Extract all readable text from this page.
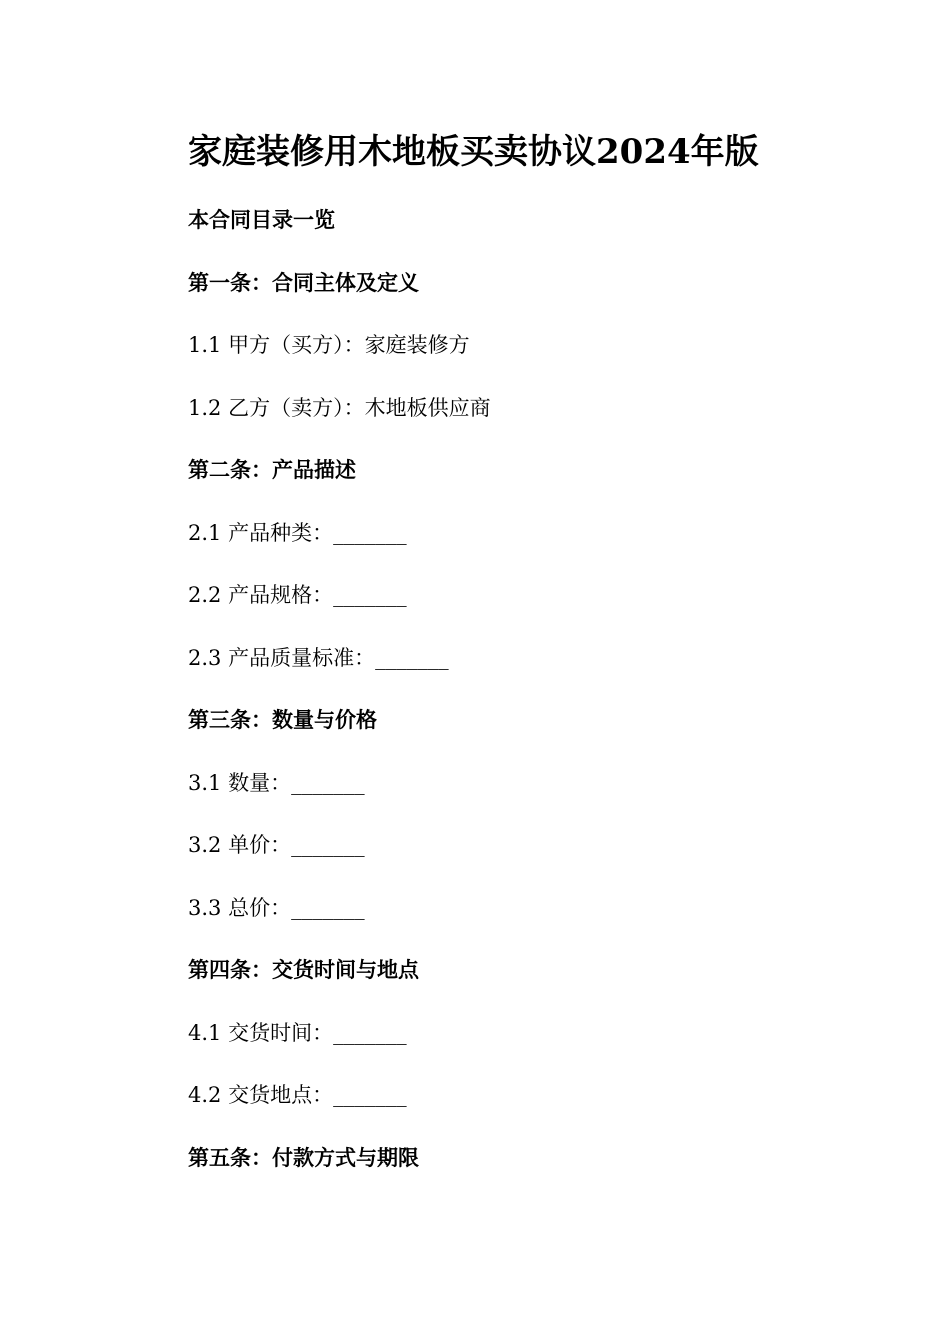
家庭装修用木地板买卖协议2024年版
本合同目录一览
第一条：合同主体及定义
1.1 甲方（买方）：家庭装修方
1.2 乙方（卖方）：木地板供应商
第二条：产品描述
2.1 产品种类：_______
2.2 产品规格：_______
2.3 产品质量标准：_______
第三条：数量与价格
3.1 数量：_______
3.2 单价：_______
3.3 总价：_______
第四条：交货时间与地点
4.1 交货时间：_______
4.2 交货地点：_______
第五条：付款方式与期限
